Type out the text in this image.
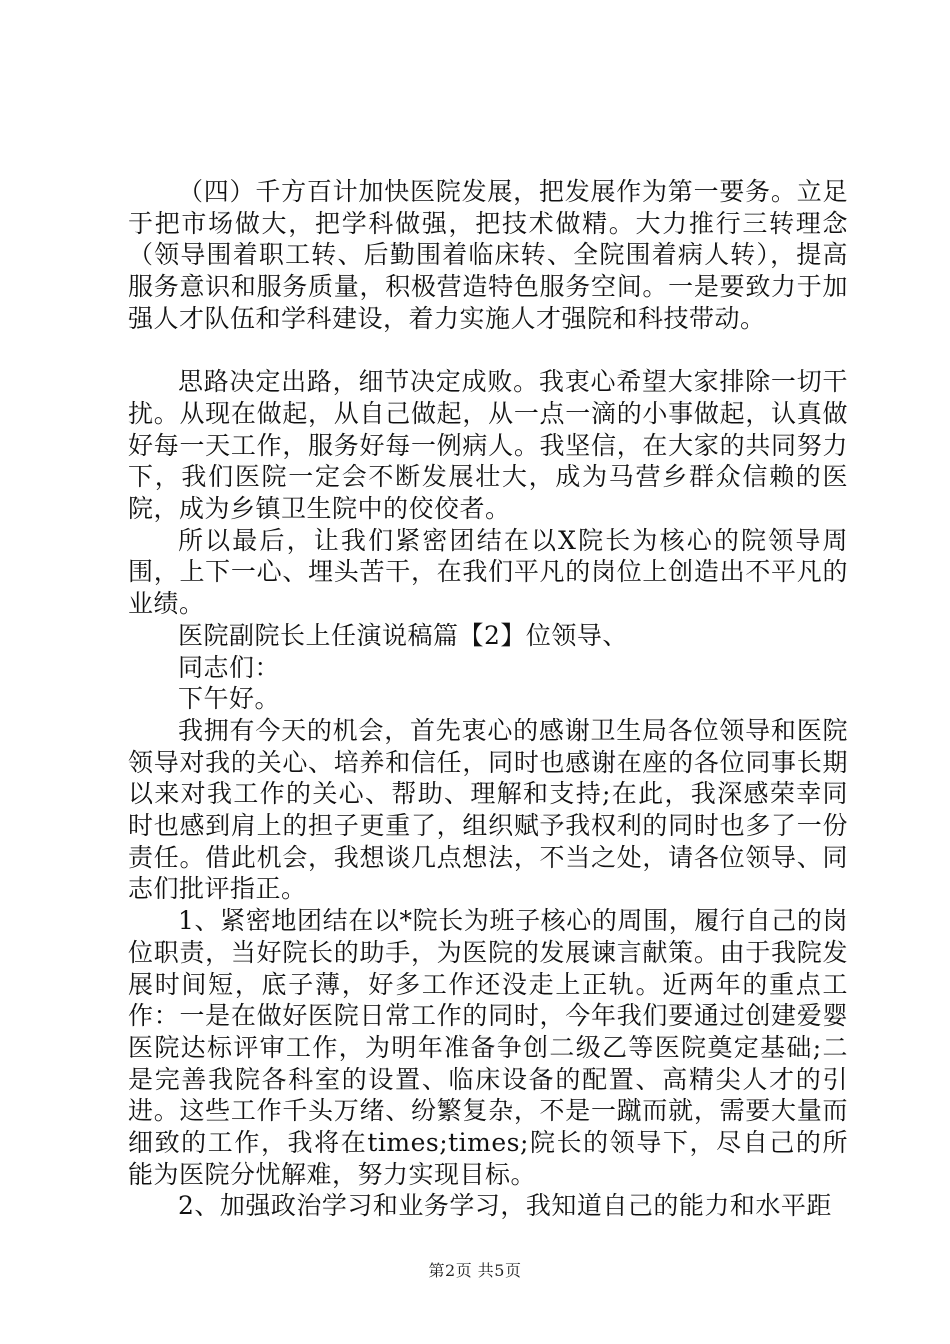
（四）千方百计加快医院发展，把发展作为第一要务。立足于把市场做大，把学科做强，把技术做精。大力推行三转理念（领导围着职工转、后勤围着临床转、全院围着病人转），提高服务意识和服务质量，积极营造特色服务空间。一是要致力于加强人才队伍和学科建设，着力实施人才强院和科技带动。

思路决定出路，细节决定成败。我衷心希望大家排除一切干扰。从现在做起，从自己做起，从一点一滴的小事做起，认真做好每一天工作，服务好每一例病人。我坚信，在大家的共同努力下，我们医院一定会不断发展壮大，成为马营乡群众信赖的医院，成为乡镇卫生院中的佼佼者。

所以最后，让我们紧密团结在以X院长为核心的院领导周围，上下一心、埋头苦干，在我们平凡的岗位上创造出不平凡的业绩。

医院副院长上任演说稿篇【2】位领导、

同志们：

下午好。

我拥有今天的机会，首先衷心的感谢卫生局各位领导和医院领导对我的关心、培养和信任，同时也感谢在座的各位同事长期以来对我工作的关心、帮助、理解和支持;在此，我深感荣幸同时也感到肩上的担子更重了，组织赋予我权利的同时也多了一份责任。借此机会，我想谈几点想法，不当之处，请各位领导、同志们批评指正。

1、紧密地团结在以*院长为班子核心的周围，履行自己的岗位职责，当好院长的助手，为医院的发展谏言献策。由于我院发展时间短，底子薄，好多工作还没走上正轨。近两年的重点工作：一是在做好医院日常工作的同时，今年我们要通过创建爱婴医院达标评审工作，为明年准备争创二级乙等医院奠定基础;二是完善我院各科室的设置、临床设备的配置、高精尖人才的引进。这些工作千头万绪、纷繁复杂，不是一蹴而就，需要大量而细致的工作，我将在times;times;院长的领导下，尽自己的所能为医院分忧解难，努力实现目标。

2、加强政治学习和业务学习，我知道自己的能力和水平距

第2页 共5页
